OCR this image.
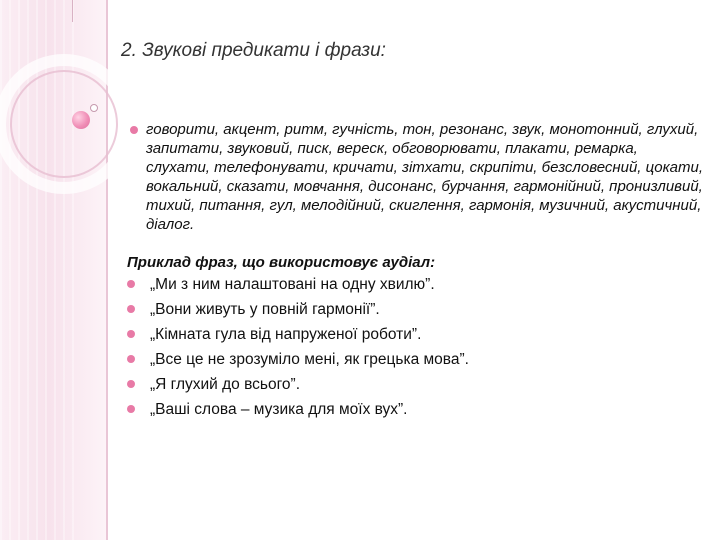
2. Звукові предикати і фрази:

говорити, акцент, ритм, гучність, тон, резонанс, звук, монотонний, глухий, запитати, звуковий, писк, вереск, обговорювати, плакати, ремарка, слухати, телефонувати, кричати, зітхати, скрипіти, безсловесний, цокати, вокальний, сказати, мовчання, дисонанс, бурчання, гармонійний, пронизливий, тихий, питання, гул, мелодійний, скиглення, гармонія, музичний, акустичний, діалог.

Приклад фраз, що використовує аудіал:
„Ми з ним налаштовані на одну хвилю”.
„Вони живуть у повній гармонії”.
„Кімната гула від напруженої роботи”.
„Все це не зрозуміло мені, як грецька мова”.
„Я глухий до всього”.
„Ваші слова – музика для моїх вух”.
